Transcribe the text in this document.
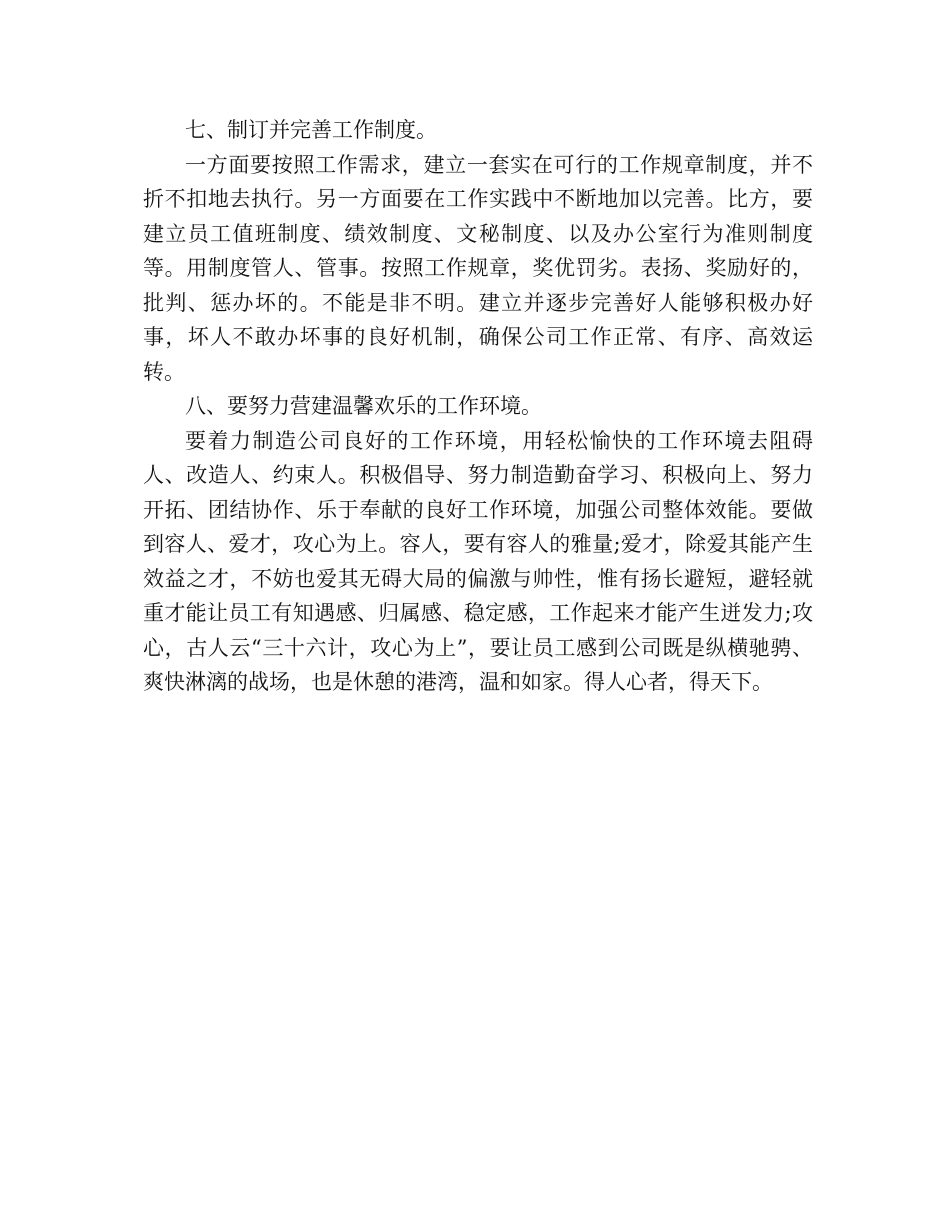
七、制订并完善工作制度。

一方面要按照工作需求，建立一套实在可行的工作规章制度，并不折不扣地去执行。另一方面要在工作实践中不断地加以完善。比方，要建立员工值班制度、绩效制度、文秘制度、以及办公室行为准则制度等。用制度管人、管事。按照工作规章，奖优罚劣。表扬、奖励好的，批判、惩办坏的。不能是非不明。建立并逐步完善好人能够积极办好事，坏人不敢办坏事的良好机制，确保公司工作正常、有序、高效运转。

八、要努力营建温馨欢乐的工作环境。

要着力制造公司良好的工作环境，用轻松愉快的工作环境去阻碍人、改造人、约束人。积极倡导、努力制造勤奋学习、积极向上、努力开拓、团结协作、乐于奉献的良好工作环境，加强公司整体效能。要做到容人、爱才，攻心为上。容人，要有容人的雅量;爱才，除爱其能产生效益之才，不妨也爱其无碍大局的偏激与帅性，惟有扬长避短，避轻就重才能让员工有知遇感、归属感、稳定感，工作起来才能产生迸发力;攻心，古人云“三十六计，攻心为上”，要让员工感到公司既是纵横驰骋、爽快淋漓的战场，也是休憩的港湾，温和如家。得人心者，得天下。
